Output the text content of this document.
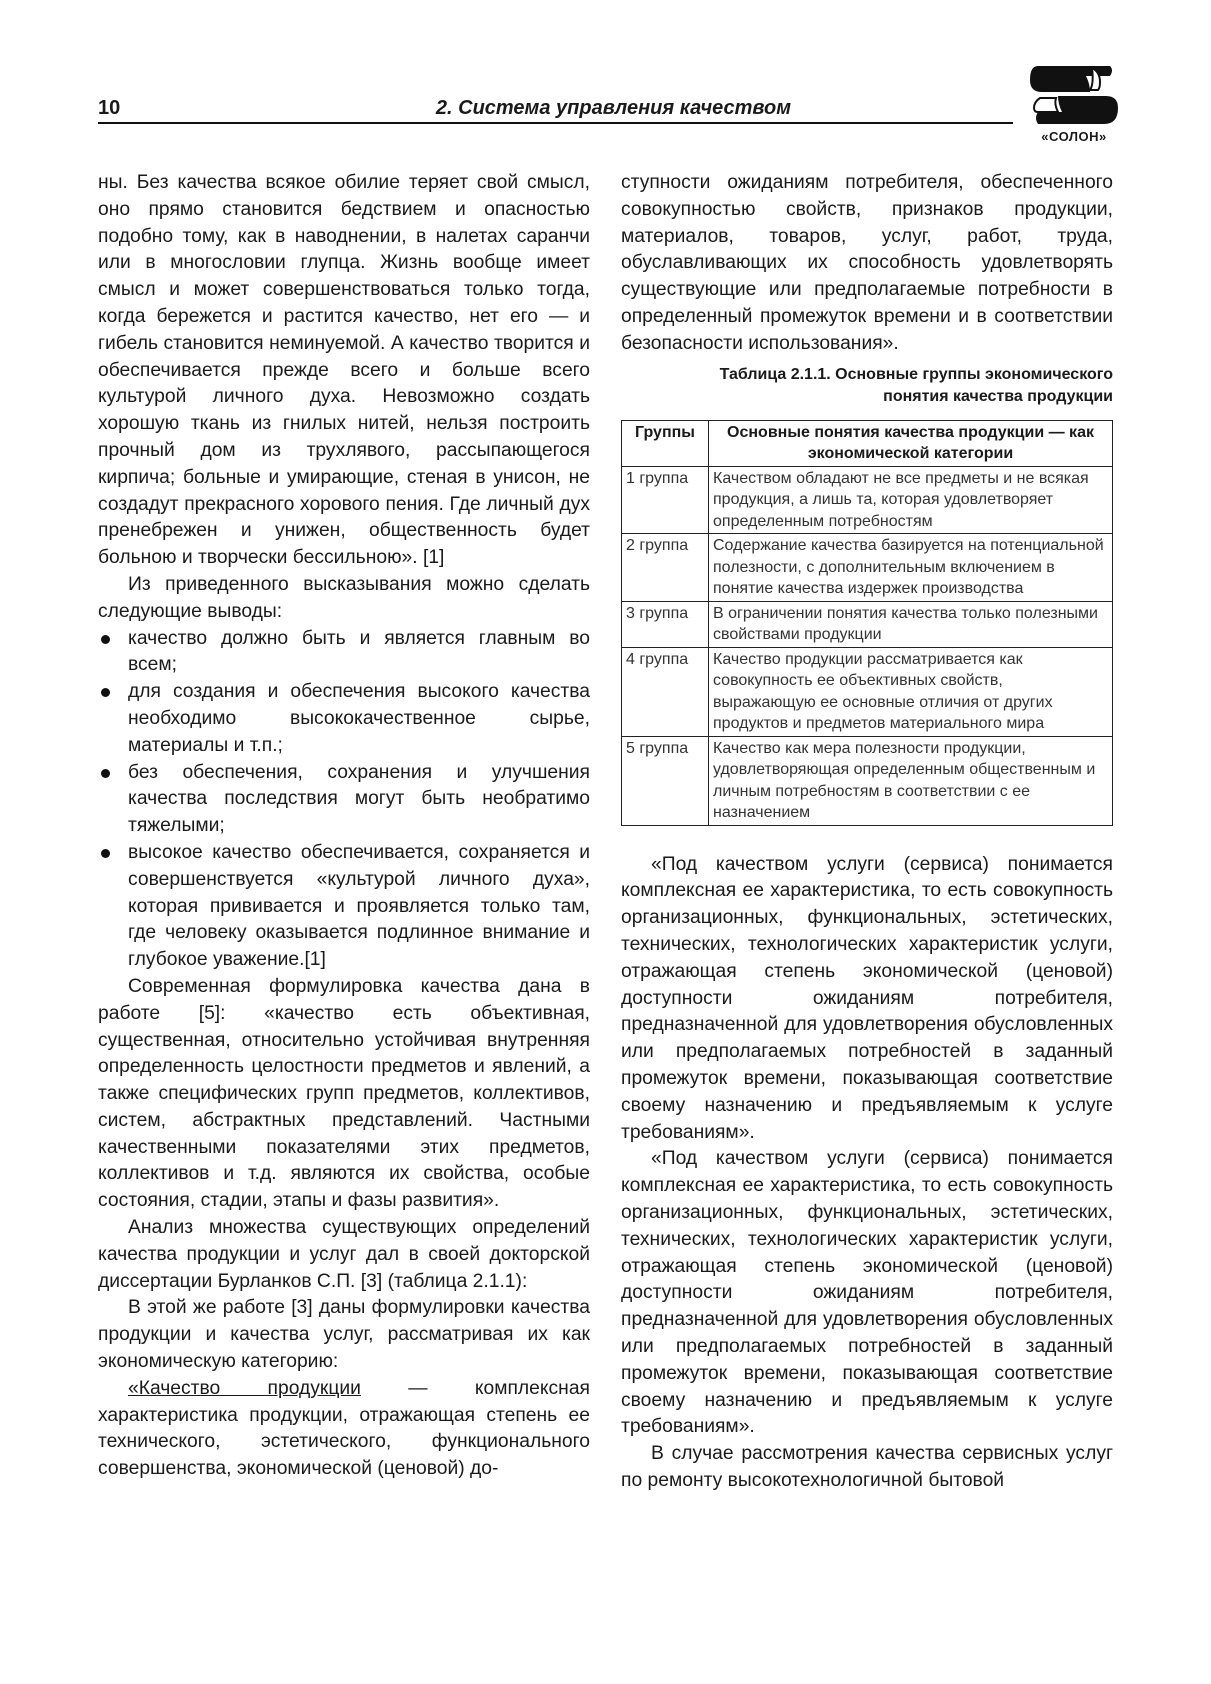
10	2. Система управления качеством
«СОЛОН»

ны. Без качества всякое обилие теряет свой смысл, оно прямо становится бедствием и опасностью подобно тому, как в наводнении, в налетах саранчи или в многословии глупца. Жизнь вообще имеет смысл и может совершенствоваться только тогда, когда бережется и растится качество, нет его — и гибель становится неминуемой. А качество творится и обеспечивается прежде всего и больше всего культурой личного духа. Невозможно создать хорошую ткань из гнилых нитей, нельзя построить прочный дом из трухлявого, рассыпающегося кирпича; больные и умирающие, стеная в унисон, не создадут прекрасного хорового пения. Где личный дух пренебрежен и унижен, общественность будет больною и творчески бессильною». [1]

Из приведенного высказывания можно сделать следующие выводы:

качество должно быть и является главным во всем;
для создания и обеспечения высокого качества необходимо высококачественное сырье, материалы и т.п.;
без обеспечения, сохранения и улучшения качества последствия могут быть необратимо тяжелыми;
высокое качество обеспечивается, сохраняется и совершенствуется «культурой личного духа», которая прививается и проявляется только там, где человеку оказывается подлинное внимание и глубокое уважение.[1]

Современная формулировка качества дана в работе [5]: «качество есть объективная, существенная, относительно устойчивая внутренняя определенность целостности предметов и явлений, а также специфических групп предметов, коллективов, систем, абстрактных представлений. Частными качественными показателями этих предметов, коллективов и т.д. являются их свойства, особые состояния, стадии, этапы и фазы развития».

Анализ множества существующих определений качества продукции и услуг дал в своей докторской диссертации Бурланков С.П. [3] (таблица 2.1.1):

В этой же работе [3] даны формулировки качества продукции и качества услуг, рассматривая их как экономическую категорию:

«Качество продукции — комплексная характеристика продукции, отражающая степень ее технического, эстетического, функционального совершенства, экономической (ценовой) до-

ступности ожиданиям потребителя, обеспеченного совокупностью свойств, признаков продукции, материалов, товаров, услуг, работ, труда, обуславливающих их способность удовлетворять существующие или предполагаемые потребности в определенный промежуток времени и в соответствии безопасности использования».

Таблица 2.1.1. Основные группы экономического
понятия качества продукции
Группы	Основные понятия качества продукции — как экономической категории
1 группа	Качеством обладают не все предметы и не всякая продукция, а лишь та, которая удовлетворяет определенным потребностям
2 группа	Содержание качества базируется на потенциальной полезности, с дополнительным включением в понятие качества издержек производства
3 группа	В ограничении понятия качества только полезными свойствами продукции
4 группа	Качество продукции рассматривается как совокупность ее объективных свойств, выражающую ее основные отличия от других продуктов и предметов материального мира
5 группа	Качество как мера полезности продукции, удовлетворяющая определенным общественным и личным потребностям в соответствии с ее назначением

«Под качеством услуги (сервиса) понимается комплексная ее характеристика, то есть совокупность организационных, функциональных, эстетических, технических, технологических характеристик услуги, отражающая степень экономической (ценовой) доступности ожиданиям потребителя, предназначенной для удовлетворения обусловленных или предполагаемых потребностей в заданный промежуток времени, показывающая соответствие своему назначению и предъявляемым к услуге требованиям».

«Под качеством услуги (сервиса) понимается комплексная ее характеристика, то есть совокупность организационных, функциональных, эстетических, технических, технологических характеристик услуги, отражающая степень экономической (ценовой) доступности ожиданиям потребителя, предназначенной для удовлетворения обусловленных или предполагаемых потребностей в заданный промежуток времени, показывающая соответствие своему назначению и предъявляемым к услуге требованиям».

В случае рассмотрения качества сервисных услуг по ремонту высокотехнологичной бытовой
